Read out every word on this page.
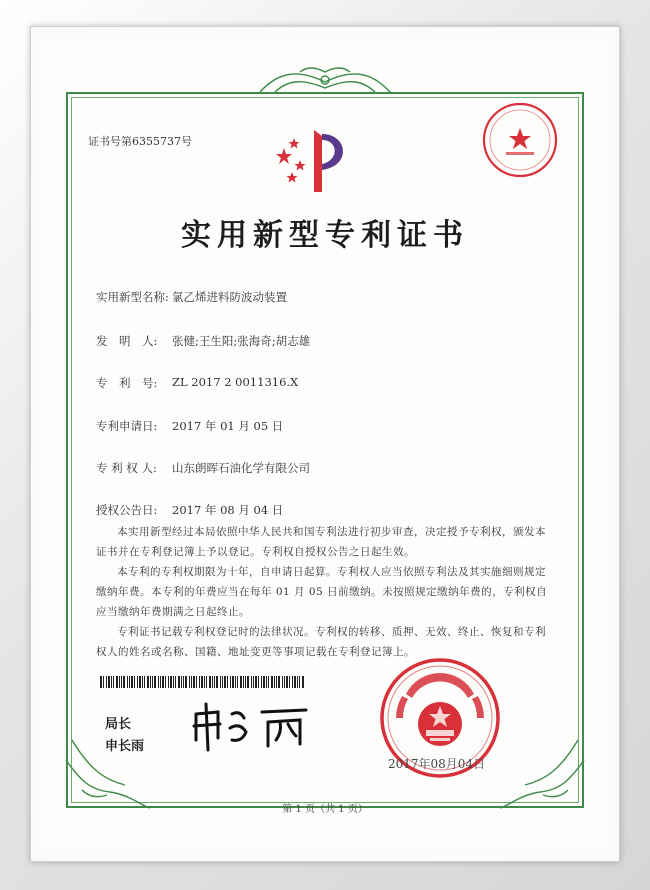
证书号第6355737号
实用新型专利证书
实用新型名称: 氯乙烯进料防波动装置
发　明　人: 张健;王生阳;张海奇;胡志雄
专　利　号: ZL 2017 2 0011316.X
专利申请日: 2017 年 01 月 05 日
专 利 权 人: 山东朗晖石油化学有限公司
授权公告日: 2017 年 08 月 04 日
本实用新型经过本局依照中华人民共和国专利法进行初步审查，决定授予专利权，颁发本证书并在专利登记簿上予以登记。专利权自授权公告之日起生效。
本专利的专利权期限为十年，自申请日起算。专利权人应当依照专利法及其实施细则规定缴纳年费。本专利的年费应当在每年 01 月 05 日前缴纳。未按照规定缴纳年费的，专利权自应当缴纳年费期满之日起终止。
专利证书记载专利权登记时的法律状况。专利权的转移、质押、无效、终止、恢复和专利权人的姓名或名称、国籍、地址变更等事项记载在专利登记簿上。
局长
申长雨
2017年08月04日
第 1 页（共 1 页）
